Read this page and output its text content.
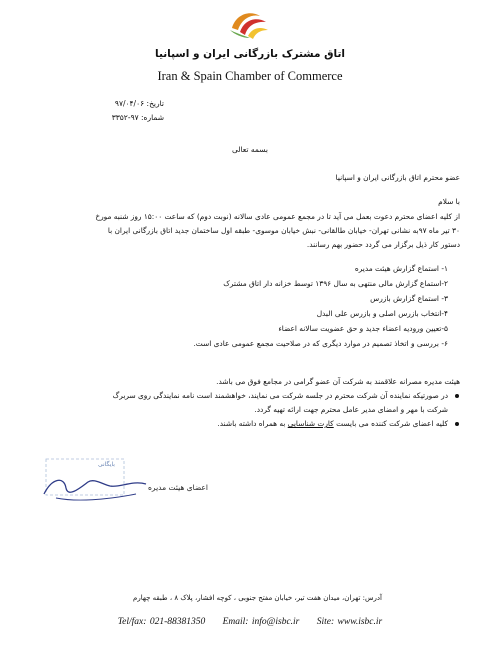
اتاق مشترک بازرگانی ایران و اسپانیا
Iran & Spain Chamber of Commerce
تاریخ: ۹۷/۰۴/۰۶
شماره: ۹۷-۳۳۵۲
بسمه تعالی
عضو محترم اتاق بازرگانی ایران و اسپانیا
با سلام
از کلیه اعضای محترم دعوت بعمل می آید تا در مجمع عمومی عادی سالانه (نوبت دوم) که ساعت ۱۵:۰۰ روز شنبه مورخ
۳۰ تیر ماه ۹۷به نشانی تهران- خیابان طالقانی- نبش خیابان موسوی- طبقه اول ساختمان جدید اتاق بازرگانی ایران با
دستور کار ذیل برگزار می گردد حضور بهم رسانند.
۱- استماع گزارش هیئت مدیره
۲-استماع گزارش مالی منتهی به سال ۱۳۹۶ توسط خزانه دار اتاق مشترک
۳- استماع گزارش بازرس
۴-انتخاب بازرس اصلی و بازرس علی البدل
۵-تعیین ورودیه اعضاء جدید و حق عضویت سالانه اعضاء
۶- بررسی و اتخاذ تصمیم در موارد دیگری که در صلاحیت مجمع عمومی عادی است.
هیئت مدیره مصرانه علاقمند به شرکت آن عضو گرامی در مجامع فوق می باشد.
در صورتیکه نماینده آن شرکت محترم در جلسه شرکت می نمایند، خواهشمند است نامه نمایندگی روی سربرگ
شرکت با مهر و امضای مدیر عامل محترم جهت ارائه تهیه گردد.
کلیه اعضای شرکت کننده می بایست کارت شناسایی به همراه داشته باشند.
بایگانی
اعضای هیئت مدیره
آدرس: تهران، میدان هفت تیر، خیابان مفتح جنوبی ، کوچه افشار، پلاک ۸ ، طبقه چهارم
Tel/fax: 021-88381350 Email: info@isbc.ir Site: www.isbc.ir
